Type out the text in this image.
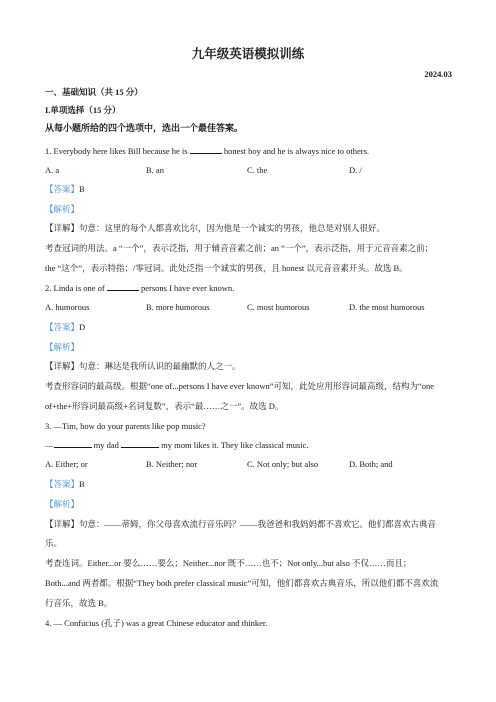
九年级英语模拟训练
2024.03
一、基础知识（共 15 分）
I.单项选择（15 分）
从每小题所给的四个选项中，选出一个最佳答案。
1. Everybody here likes Bill because he is	honest boy and he is always nice to others.
A. a	B. an	C. the	D. /
【答案】B
【解析】
【详解】句意：这里的每个人都喜欢比尔，因为他是一个诚实的男孩，他总是对别人很好。
考查冠词的用法。a “一个”，表示泛指，用于辅音音素之前；an “一个”，表示泛指，用于元音音素之前；
the “这个”，表示特指；/零冠词。此处泛指一个诚实的男孩，且 honest 以元音音素开头。故选 B。
2. Linda is one of	persons I have ever known.
A. humorous	B. more humorous	C. most humorous	D. the most humorous
【答案】D
【解析】
【详解】句意：琳达是我所认识的最幽默的人之一。
考查形容词的最高级。根据“one of...persons I have ever known”可知，此处应用形容词最高级，结构为“one
of+the+形容词最高级+名词复数”，表示“最……之一”。故选 D。
3. —Tim, how do your parents like pop music?
—	my dad	my mom likes it. They like classical music.
A. Either; or	B. Neither; nor	C. Not only; but also	D. Both; and
【答案】B
【解析】
【详解】句意：——蒂姆，你父母喜欢流行音乐吗？——我爸爸和我妈妈都不喜欢它。他们都喜欢古典音
乐。
考查连词。Either...or 要么……要么；Neither...nor 既不……也不；Not only...but also 不仅……而且；
Both...and 两者都。根据“They both prefer classical music”可知，他们都喜欢古典音乐，所以他们都不喜欢流
行音乐，故选 B。
4. — Confucius (孔子) was a great Chinese educator and thinker.
